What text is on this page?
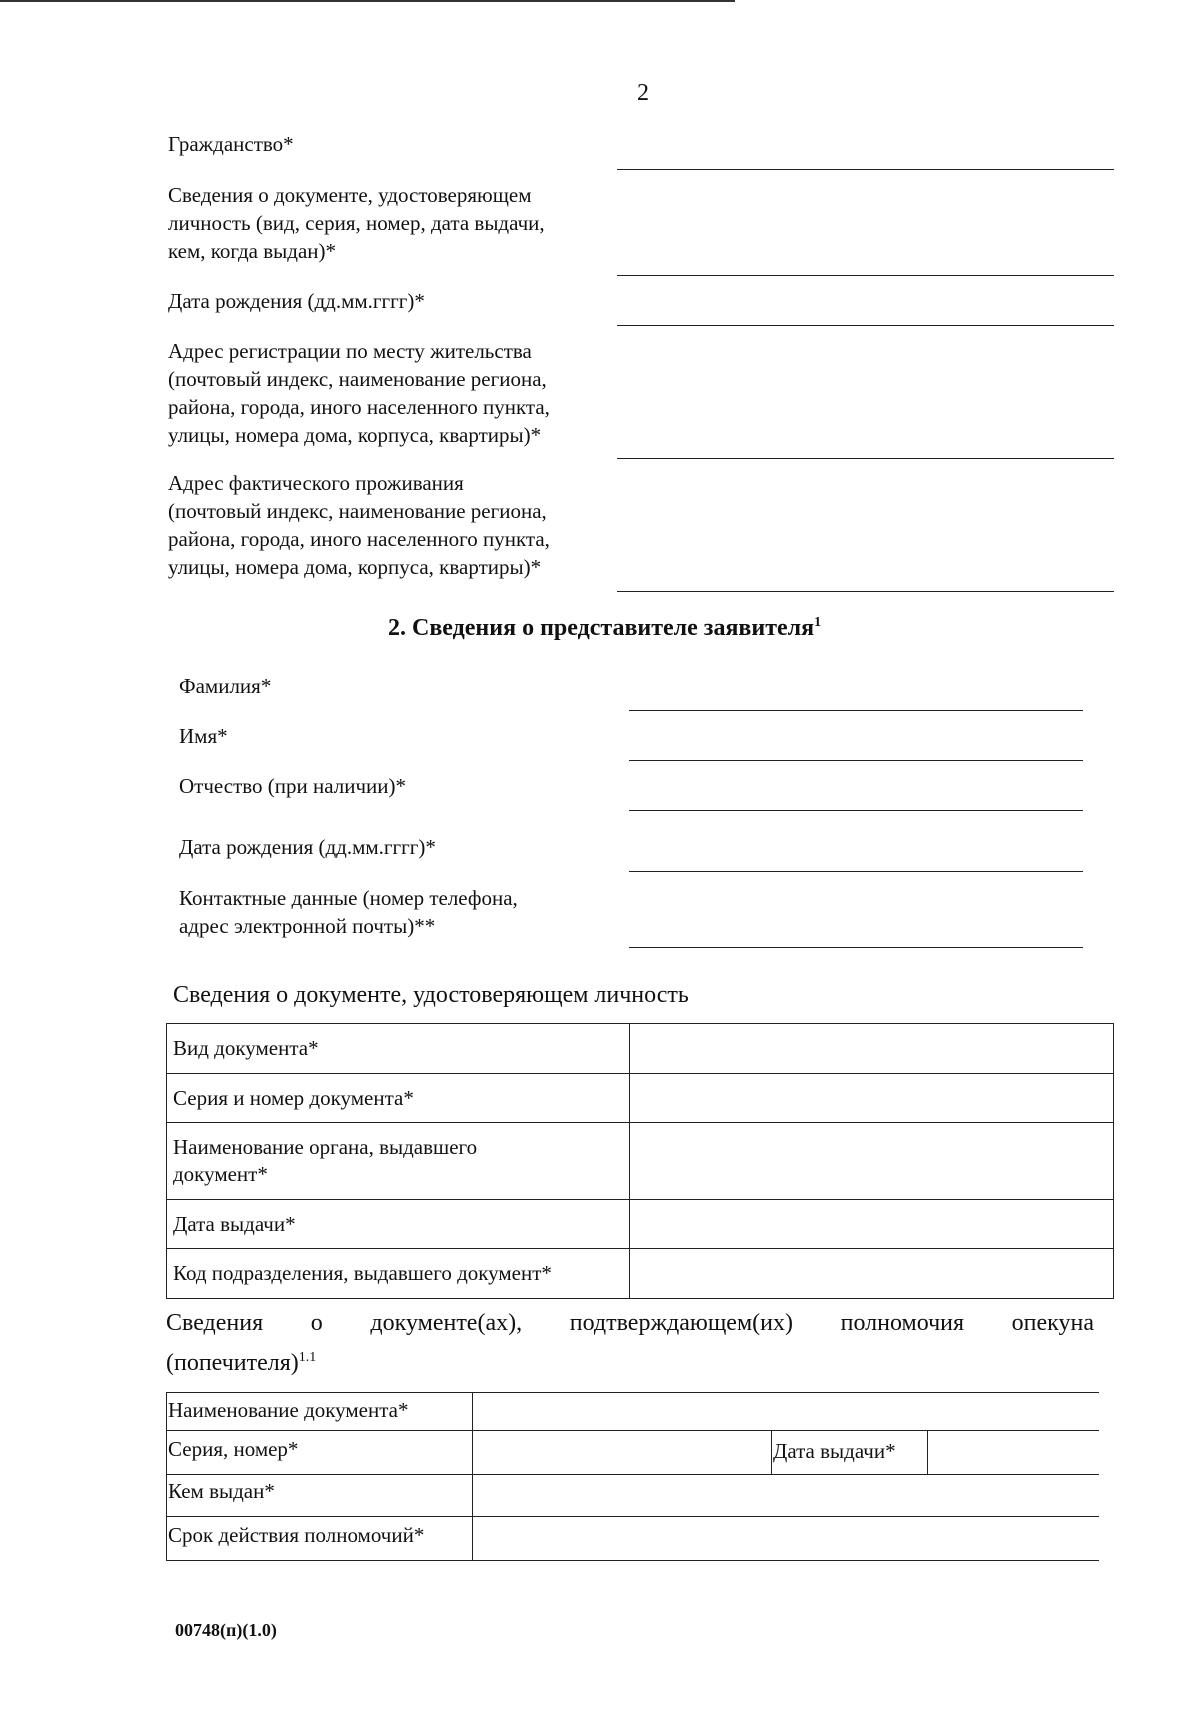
2
Гражданство*
Сведения о документе, удостоверяющем
личность (вид, серия, номер, дата выдачи,
кем, когда выдан)*
Дата рождения (дд.мм.гггг)*
Адрес регистрации по месту жительства
(почтовый индекс, наименование региона,
района, города, иного населенного пункта,
улицы, номера дома, корпуса, квартиры)*
Адрес фактического проживания
(почтовый индекс, наименование региона,
района, города, иного населенного пункта,
улицы, номера дома, корпуса, квартиры)*
2. Сведения о представителе заявителя$^1$
Фамилия*
Имя*
Отчество (при наличии)*
Дата рождения (дд.мм.гггг)*
Контактные данные (номер телефона,
адрес электронной почты)**
Сведения о документе, удостоверяющем личность
Вид документа*	

Серия и номер документа*	

Наименование органа, выдавшего
документ*	

Дата выдачи*	

Код подразделения, выдавшего документ*	

Сведения о документе(ах), подтверждающем(их) полномочия опекуна
(попечителя)$^{1.1}$
Наименование документа*
Серия, номер*	Дата выдачи*
Кем выдан*
Срок действия полномочий*
00748(п)(1.0)
